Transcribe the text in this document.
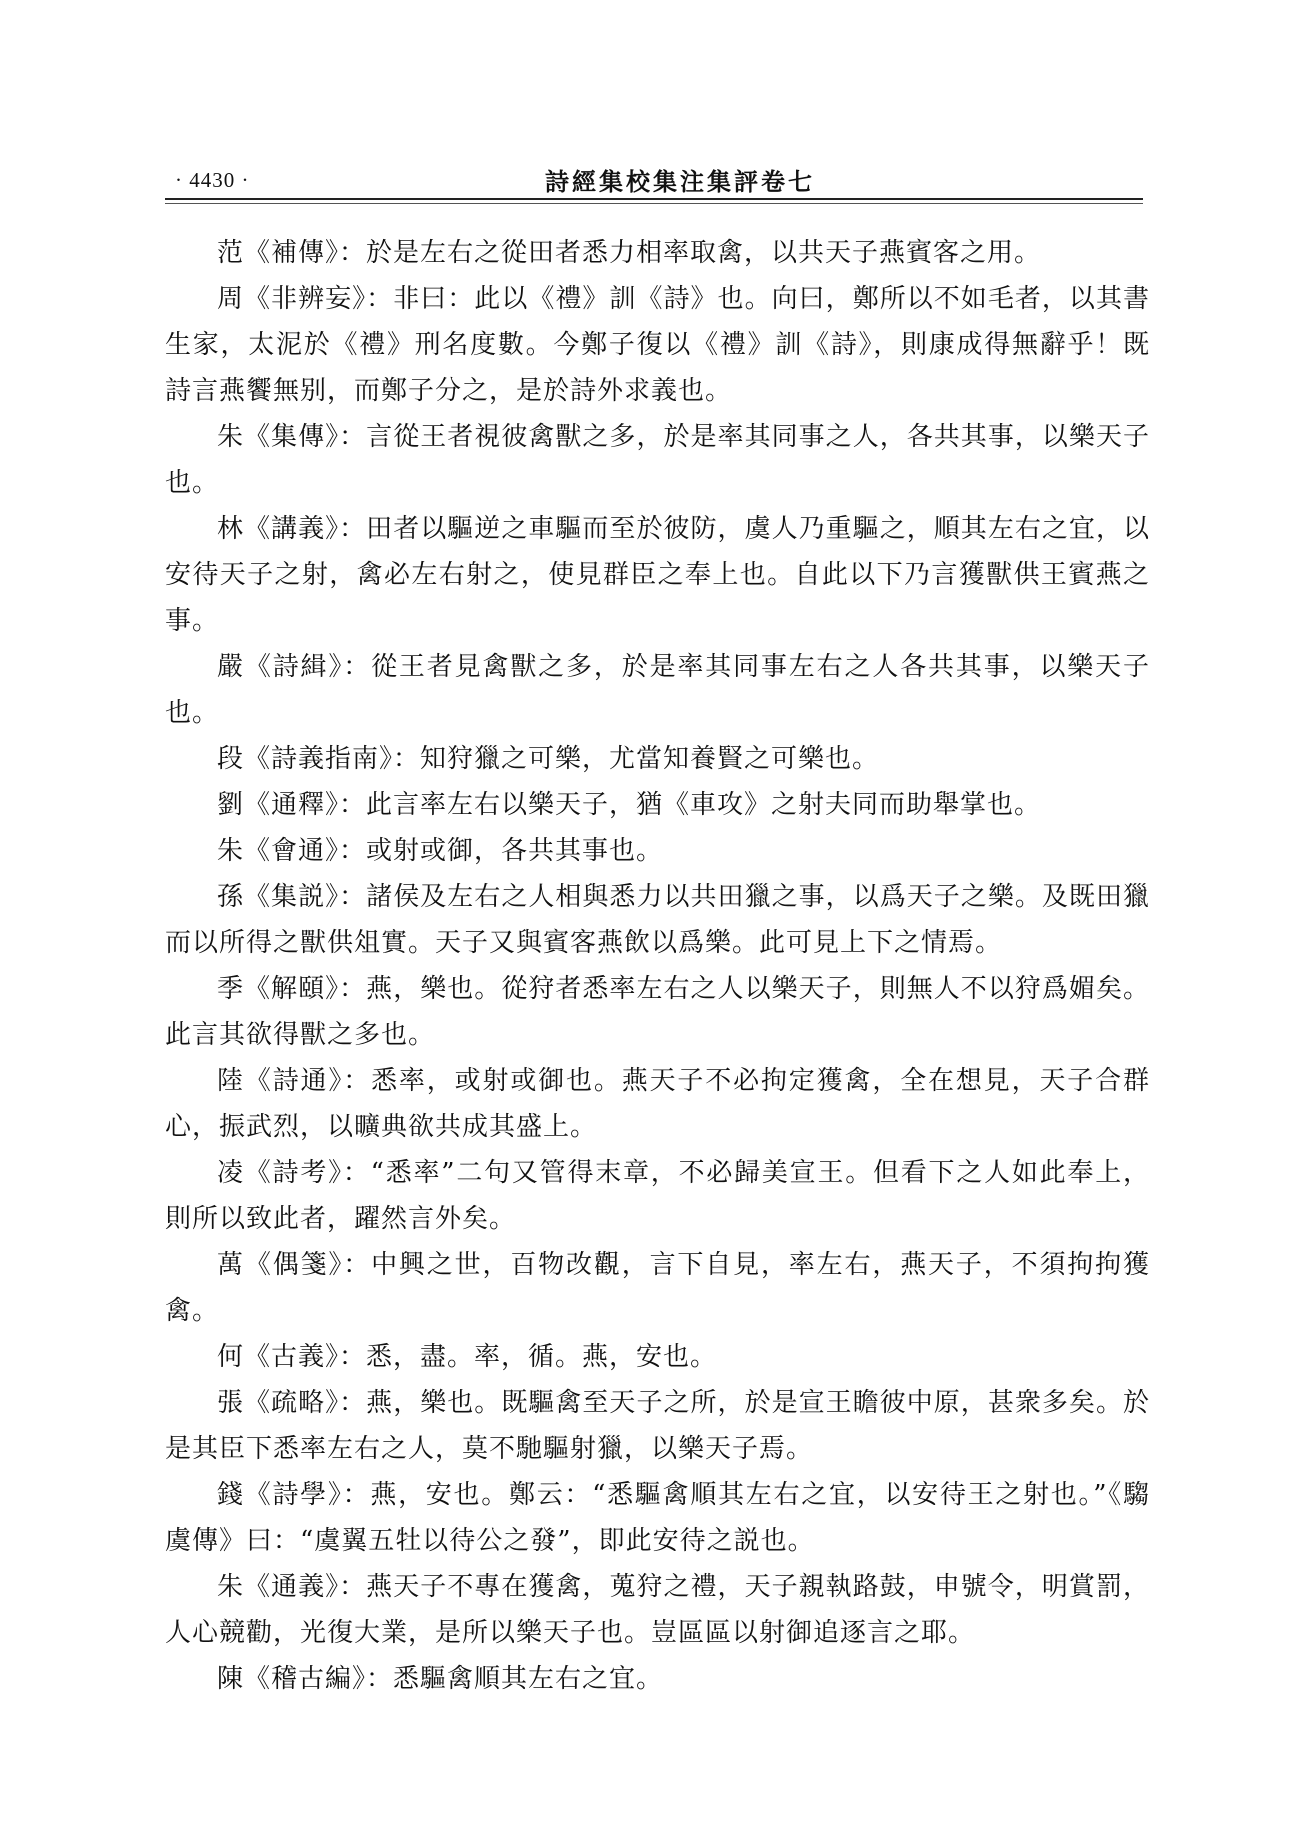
· 4430 ·	詩經集校集注集評卷七

范《補傳》：於是左右之從田者悉力相率取禽，以共天子燕賓客之用。

周《非辨妄》：非曰：此以《禮》訓《詩》也。向曰，鄭所以不如毛者，以其書生家，太泥於《禮》刑名度數。今鄭子復以《禮》訓《詩》，則康成得無辭乎！既詩言燕饗無别，而鄭子分之，是於詩外求義也。

朱《集傳》：言從王者視彼禽獸之多，於是率其同事之人，各共其事，以樂天子也。

林《講義》：田者以驅逆之車驅而至於彼防，虞人乃重驅之，順其左右之宜，以安待天子之射，禽必左右射之，使見群臣之奉上也。自此以下乃言獲獸供王賓燕之事。

嚴《詩緝》：從王者見禽獸之多，於是率其同事左右之人各共其事，以樂天子也。

段《詩義指南》：知狩獵之可樂，尤當知養賢之可樂也。

劉《通釋》：此言率左右以樂天子，猶《車攻》之射夫同而助舉掌也。

朱《會通》：或射或御，各共其事也。

孫《集説》：諸侯及左右之人相與悉力以共田獵之事，以爲天子之樂。及既田獵而以所得之獸供俎實。天子又與賓客燕飲以爲樂。此可見上下之情焉。

季《解頤》：燕，樂也。從狩者悉率左右之人以樂天子，則無人不以狩爲媚矣。此言其欲得獸之多也。

陸《詩通》：悉率，或射或御也。燕天子不必拘定獲禽，全在想見，天子合群心，振武烈，以曠典欲共成其盛上。

凌《詩考》：“悉率”二句又管得末章，不必歸美宣王。但看下之人如此奉上，則所以致此者，躍然言外矣。

萬《偶箋》：中興之世，百物改觀，言下自見，率左右，燕天子，不須拘拘獲禽。

何《古義》：悉，盡。率，循。燕，安也。

張《疏略》：燕，樂也。既驅禽至天子之所，於是宣王瞻彼中原，甚衆多矣。於是其臣下悉率左右之人，莫不馳驅射獵，以樂天子焉。

錢《詩學》：燕，安也。鄭云：“悉驅禽順其左右之宜，以安待王之射也。”《騶虞傳》曰：“虞翼五牡以待公之發”，即此安待之説也。

朱《通義》：燕天子不專在獲禽，蒐狩之禮，天子親執路鼓，申號令，明賞罰，人心競勸，光復大業，是所以樂天子也。豈區區以射御追逐言之耶。

陳《稽古編》：悉驅禽順其左右之宜。
